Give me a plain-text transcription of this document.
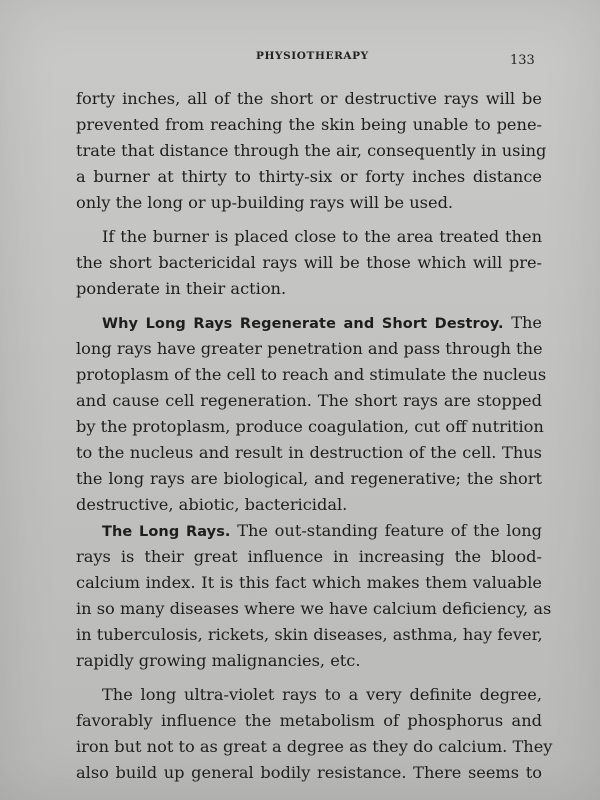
PHYSIOTHERAPY	133
forty inches, all of the short or destructive rays will be
prevented from reaching the skin being unable to pene-
trate that distance through the air, consequently in using
a burner at thirty to thirty-six or forty inches distance
only the long or up-building rays will be used.
If the burner is placed close to the area treated then
the short bactericidal rays will be those which will pre-
ponderate in their action.
Why Long Rays Regenerate and Short Destroy. The
long rays have greater penetration and pass through the
protoplasm of the cell to reach and stimulate the nucleus
and cause cell regeneration. The short rays are stopped
by the protoplasm, produce coagulation, cut off nutrition
to the nucleus and result in destruction of the cell. Thus
the long rays are biological, and regenerative; the short
destructive, abiotic, bactericidal.
The Long Rays. The out-standing feature of the long
rays is their great influence in increasing the blood-
calcium index. It is this fact which makes them valuable
in so many diseases where we have calcium deficiency, as
in tuberculosis, rickets, skin diseases, asthma, hay fever,
rapidly growing malignancies, etc.
The long ultra-violet rays to a very definite degree,
favorably influence the metabolism of phosphorus and
iron but not to as great a degree as they do calcium. They
also build up general bodily resistance. There seems to
